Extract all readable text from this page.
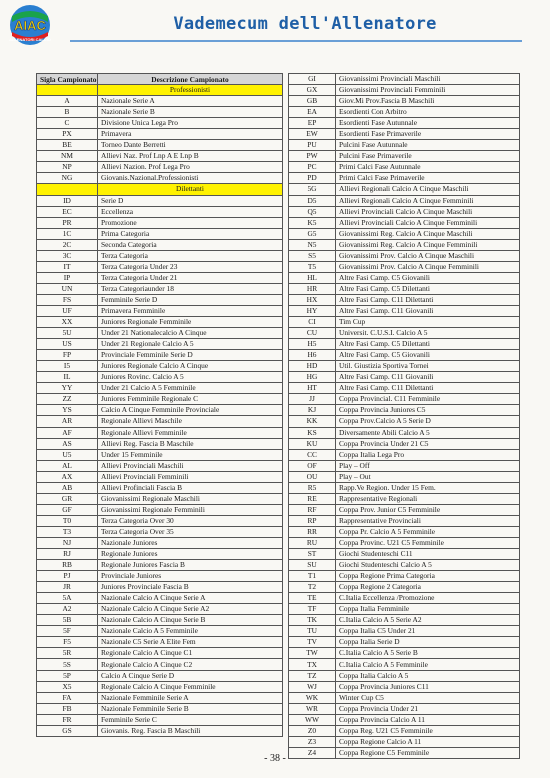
AIAC
ALLENATORI CALCIO
Vademecum dell'Allenatore
Sigla Campionato	Descrizione Campionato
	Professionisti
A	Nazionale Serie A
B	Nazionale Serie B
C	Divisione Unica Lega Pro
PX	Primavera
BE	Torneo Dante Berretti
NM	Allievi Naz. Prof Lnp A E Lnp B
NP	Allievi Nazion. Prof Lega Pro
NG	Giovanis.Nazional.Professionisti
	Dilettanti
ID	Serie D
EC	Eccellenza
PR	Promozione
1C	Prima Categoria
2C	Seconda Categoria
3C	Terza Categoria
IT	Terza Categoria Under 23
IP	Terza Categoria Under 21
UN	Terza Categoriaunder 18
FS	Femminile Serie D
UF	Primavera Femminile
XX	Juniores Regionale Femminile
5U	Under 21 Nationalecalcio A Cinque
US	Under 21 Regionale Calcio A 5
FP	Provinciale Femminile Serie D
I5	Juniores Regionale Calcio A Cinque
IL	Juniores Rovinc. Calcio A 5
YY	Under 21 Calcio A 5 Femminile
ZZ	Juniores Femminile Regionale C
YS	Calcio A Cinque Femminile Provinciale
AR	Regionale Allievi Maschile
AF	Regionale Allievi Femminile
AS	Allievi Reg. Fascia B Maschile
U5	Under 15 Femminile
AL	Allievi Provinciali Maschili
AX	Allievi Provinciali Femminili
AB	Allievi Profinciali Fascia B
GR	Giovanissimi Regionale Maschili
GF	Giovanissimi Regionale Femminili
T0	Terza Categoria Over 30
T3	Terza Categoria Over 35
NJ	Nazionale Juniores
RJ	Regionale Juniores
RB	Regionale Juniores Fascia B
PJ	Provinciale Juniores
JR	Juniores Provinciale Fascia B
5A	Nazionale Calcio A Cinque Serie A
A2	Nazionale Calcio A Cinque Serie A2
5B	Nazionale Calcio A Cinque Serie B
5F	Nazionale Calcio A 5 Femminile
F5	Nazionale C5 Serie A Elite Fem
5R	Regionale Calcio A Cinque C1
5S	Regionale Calcio A Cinque C2
5P	Calcio A Cinque Serie D
X5	Regionale Calcio A Cinque Femminile
FA	Nazionale Femminile Serie A
FB	Nazionale Femminile Serie B
FR	Femminile Serie C
GS	Giovanis. Reg. Fascia B Maschili
GI	Giovanissimi Provinciali Maschili
GX	Giovanissimi Provinciali Femminili
GB	Giov.Mi Prov.Fascia B Maschili
EA	Esordienti Con Arbitro
EP	Esordienti Fase Autunnale
EW	Esordienti Fase Primaverile
PU	Pulcini Fase Autunnale
PW	Pulcini Fase Primaverile
PC	Primi Calci Fase Autunnale
PD	Primi Calci Fase Primaverile
5G	Allievi Regionali Calcio A Cinque Maschili
D5	Allievi Regionali Calcio A Cinque Femminili
Q5	Allievi Provinciali Calcio A Cinque Maschili
K5	Allievi Provinciali Calcio A Cinque Femminili
G5	Giovanissimi Reg. Calcio A Cinque Maschili
N5	Giovanissimi Reg. Calcio A Cinque Femminili
S5	Giovanissimi Prov. Calcio A Cinque Maschili
T5	Giovanissimi Prov. Calcio A Cinque Femminili
HL	Altre Fasi Camp. C5 Giovanili
HR	Altre Fasi Camp. C5 Dilettanti
HX	Altre Fasi Camp. C11 Dilettanti
HY	Altre Fasi Camp. C11 Giovanili
CI	Tim Cup
CU	Universit. C.U.S.I. Calcio A 5
H5	Altre Fasi Camp. C5 Dilettanti
H6	Altre Fasi Camp. C5 Giovanili
HD	Util. Giustizia Sportiva Tornei
HG	Altre Fasi Camp. C11 Giovanili
HT	Altre Fasi Camp. C11 Dilettanti
JJ	Coppa Provincial. C11 Femminile
KJ	Coppa Provincia Juniores C5
KK	Coppa Prov.Calcio A 5 Serie D
KS	Diversamente Abili Calcio A 5
KU	Coppa Provincia Under 21 C5
CC	Coppa Italia Lega Pro
OF	Play – Off
OU	Play – Out
R5	Rapp.Ve Region. Under 15 Fem.
RE	Rappresentative Regionali
RF	Coppa Prov. Junior C5 Femminile
RP	Rappresentative Provinciali
RR	Coppa Pr. Calcio A 5 Femminile
RU	Coppa Provinc. U21 C5 Femminile
ST	Giochi Studenteschi C11
SU	Giochi Studenteschi Calcio A 5
T1	Coppa Regione Prima Categoria
T2	Coppa Regione 2 Categoria
TE	C.Italia Eccellenza /Promozione
TF	Coppa Italia Femminile
TK	C.Italia Calcio A 5 Serie A2
TU	Coppa Italia C5 Under 21
TV	Coppa Italia Serie D
TW	C.Italia Calcio A 5 Serie B
TX	C.Italia Calcio A 5 Femminile
TZ	Coppa Italia Calcio A 5
WJ	Coppa Provincia Juniores C11
WK	Winter Cup C5
WR	Coppa Provincia Under 21
WW	Coppa Provincia Calcio A 11
Z0	Coppa Reg. U21 C5 Femminile
Z3	Coppa Regione Calcio A 11
Z4	Coppa Regione C5 Femminile
- 38 -
